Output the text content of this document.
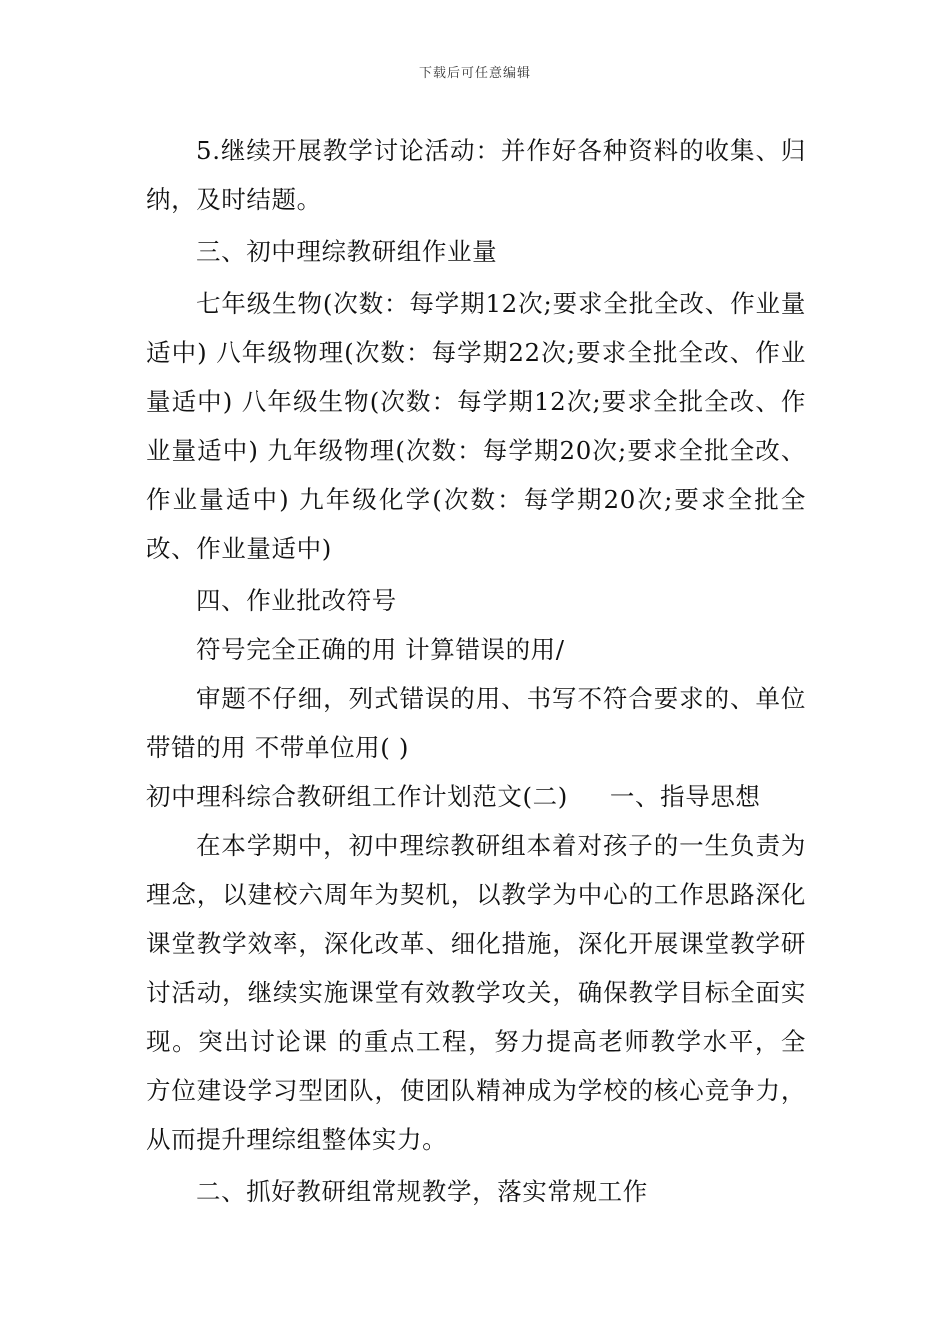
下载后可任意编辑

5.继续开展教学讨论活动：并作好各种资料的收集、归纳，及时结题。

三、初中理综教研组作业量

七年级生物(次数：每学期12次;要求全批全改、作业量适中) 八年级物理(次数：每学期22次;要求全批全改、作业量适中) 八年级生物(次数：每学期12次;要求全批全改、作业量适中) 九年级物理(次数：每学期20次;要求全批全改、作业量适中) 九年级化学(次数：每学期20次;要求全批全改、作业量适中)

四、作业批改符号

符号完全正确的用 计算错误的用/

审题不仔细，列式错误的用、书写不符合要求的、单位带错的用 不带单位用( )

初中理科综合教研组工作计划范文(二) 一、指导思想

在本学期中，初中理综教研组本着对孩子的一生负责为理念，以建校六周年为契机，以教学为中心的工作思路深化课堂教学效率，深化改革、细化措施，深化开展课堂教学研讨活动，继续实施课堂有效教学攻关，确保教学目标全面实现。突出讨论课 的重点工程，努力提高老师教学水平，全方位建设学习型团队，使团队精神成为学校的核心竞争力，从而提升理综组整体实力。

二、抓好教研组常规教学，落实常规工作
